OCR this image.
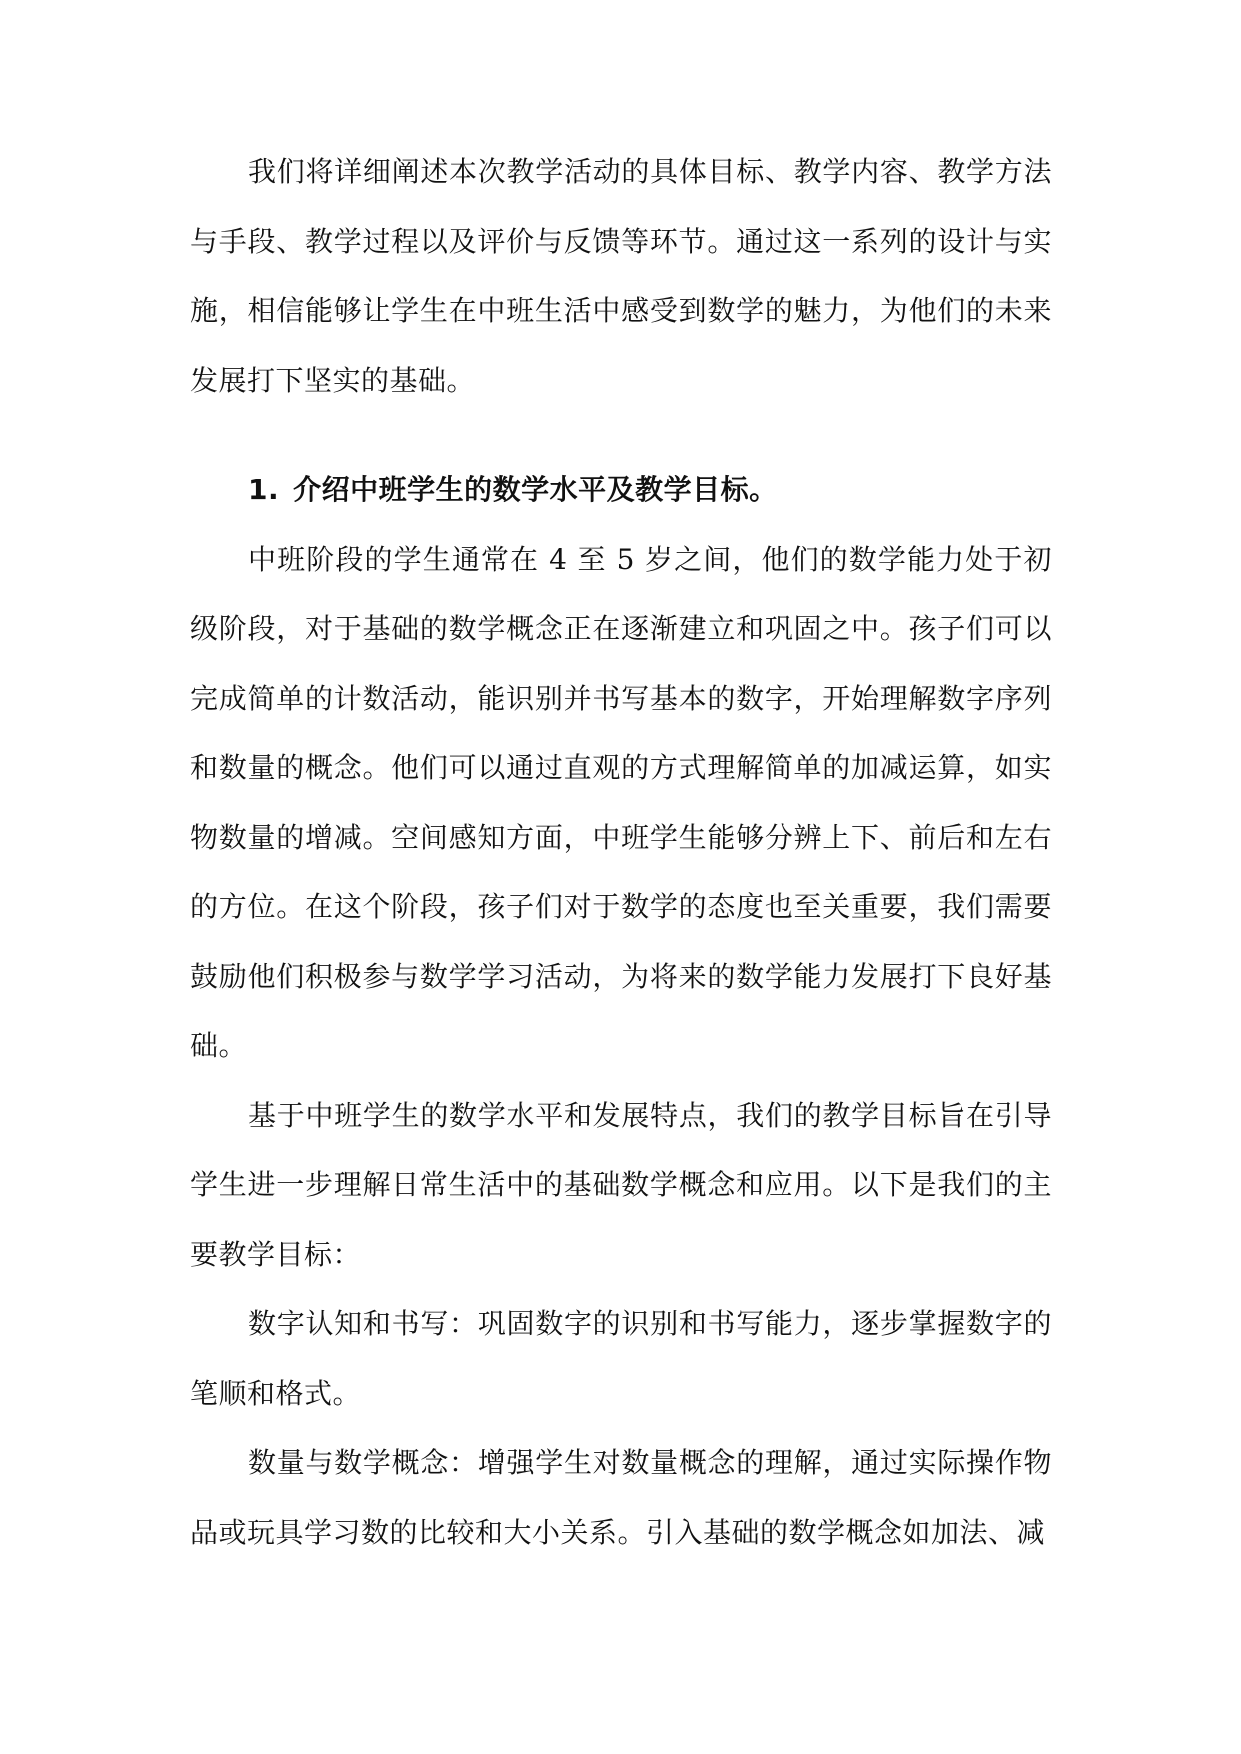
我们将详细阐述本次教学活动的具体目标、教学内容、教学方法与手段、教学过程以及评价与反馈等环节。通过这一系列的设计与实施，相信能够让学生在中班生活中感受到数学的魅力，为他们的未来发展打下坚实的基础。

1. 介绍中班学生的数学水平及教学目标。

中班阶段的学生通常在 4 至 5 岁之间，他们的数学能力处于初级阶段，对于基础的数学概念正在逐渐建立和巩固之中。孩子们可以完成简单的计数活动，能识别并书写基本的数字，开始理解数字序列和数量的概念。他们可以通过直观的方式理解简单的加减运算，如实物数量的增减。空间感知方面，中班学生能够分辨上下、前后和左右的方位。在这个阶段，孩子们对于数学的态度也至关重要，我们需要鼓励他们积极参与数学学习活动，为将来的数学能力发展打下良好基础。

基于中班学生的数学水平和发展特点，我们的教学目标旨在引导学生进一步理解日常生活中的基础数学概念和应用。以下是我们的主要教学目标：

数字认知和书写：巩固数字的识别和书写能力，逐步掌握数字的笔顺和格式。

数量与数学概念：增强学生对数量概念的理解，通过实际操作物品或玩具学习数的比较和大小关系。引入基础的数学概念如加法、减
